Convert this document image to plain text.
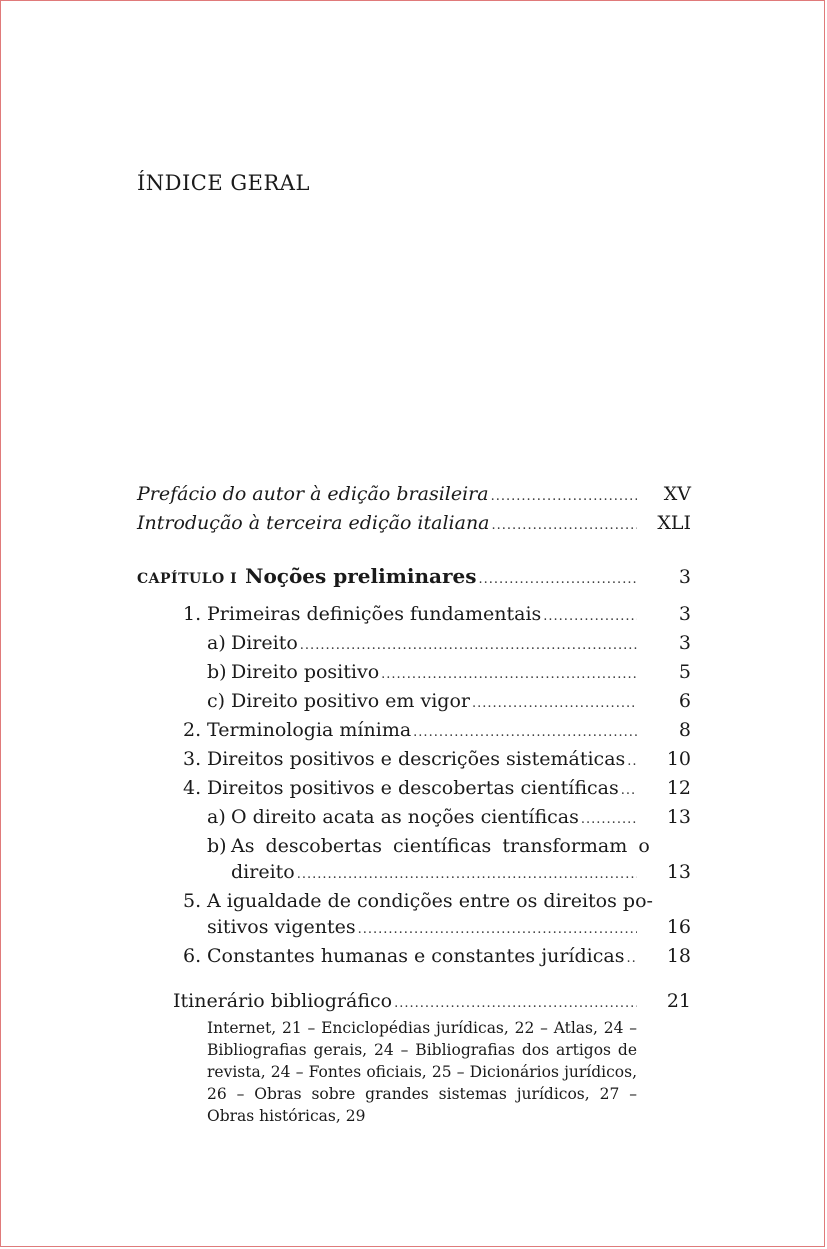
ÍNDICE GERAL
Prefácio do autor à edição brasileira .....	XV
Introdução à terceira edição italiana .....	XLI
CAPÍTULO I Noções preliminares .....	3
1. Primeiras definições fundamentais .....	3
a) Direito .....	3
b) Direito positivo .....	5
c) Direito positivo em vigor .....	6
2. Terminologia mínima .....	8
3. Direitos positivos e descrições sistemáticas .....	10
4. Direitos positivos e descobertas científicas .....	12
a) O direito acata as noções científicas .....	13
b) As descobertas científicas transformam o
direito .....	13
5. A igualdade de condições entre os direitos po-
sitivos vigentes .....	16
6. Constantes humanas e constantes jurídicas .....	18
Itinerário bibliográfico .....	21
Internet, 21 – Enciclopédias jurídicas, 22 – Atlas, 24 – Bibliografias gerais, 24 – Bibliografias dos artigos de revista, 24 – Fontes oficiais, 25 – Dicionários jurídicos, 26 – Obras sobre grandes sistemas jurídicos, 27 – Obras históricas, 29
